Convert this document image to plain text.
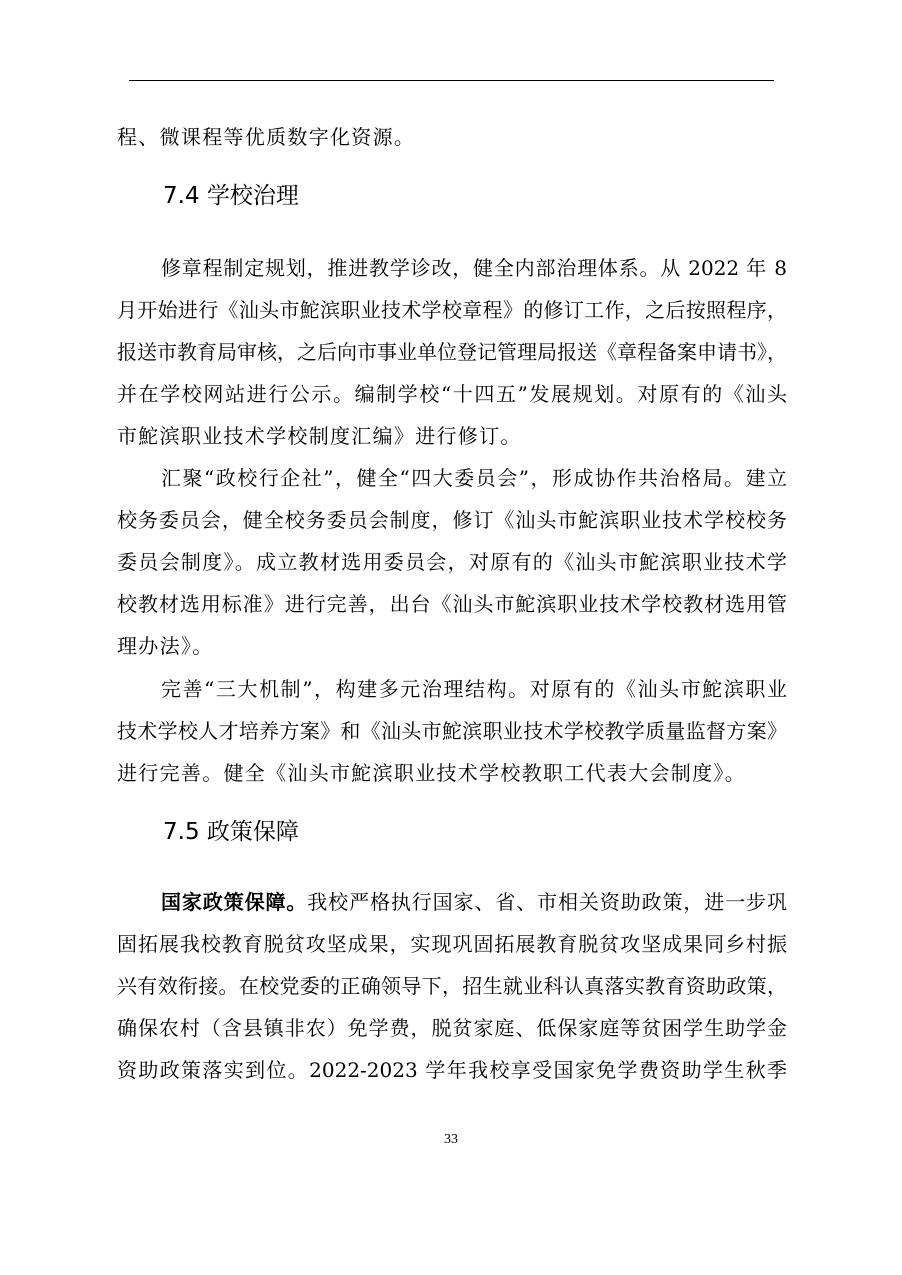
程、微课程等优质数字化资源。
7.4 学校治理
修章程制定规划，推进教学诊改，健全内部治理体系。从 2022 年 8
月开始进行《汕头市鮀滨职业技术学校章程》的修订工作，之后按照程序，
报送市教育局审核，之后向市事业单位登记管理局报送《章程备案申请书》，
并在学校网站进行公示。编制学校“十四五”发展规划。对原有的《汕头
市鮀滨职业技术学校制度汇编》进行修订。
汇聚“政校行企社”，健全“四大委员会”，形成协作共治格局。建立
校务委员会，健全校务委员会制度，修订《汕头市鮀滨职业技术学校校务
委员会制度》。成立教材选用委员会，对原有的《汕头市鮀滨职业技术学
校教材选用标准》进行完善，出台《汕头市鮀滨职业技术学校教材选用管
理办法》。
完善“三大机制”，构建多元治理结构。对原有的《汕头市鮀滨职业
技术学校人才培养方案》和《汕头市鮀滨职业技术学校教学质量监督方案》
进行完善。健全《汕头市鮀滨职业技术学校教职工代表大会制度》。
7.5 政策保障
国家政策保障。我校严格执行国家、省、市相关资助政策，进一步巩
固拓展我校教育脱贫攻坚成果，实现巩固拓展教育脱贫攻坚成果同乡村振
兴有效衔接。在校党委的正确领导下，招生就业科认真落实教育资助政策，
确保农村（含县镇非农）免学费，脱贫家庭、低保家庭等贫困学生助学金
资助政策落实到位。2022-2023 学年我校享受国家免学费资助学生秋季
33
